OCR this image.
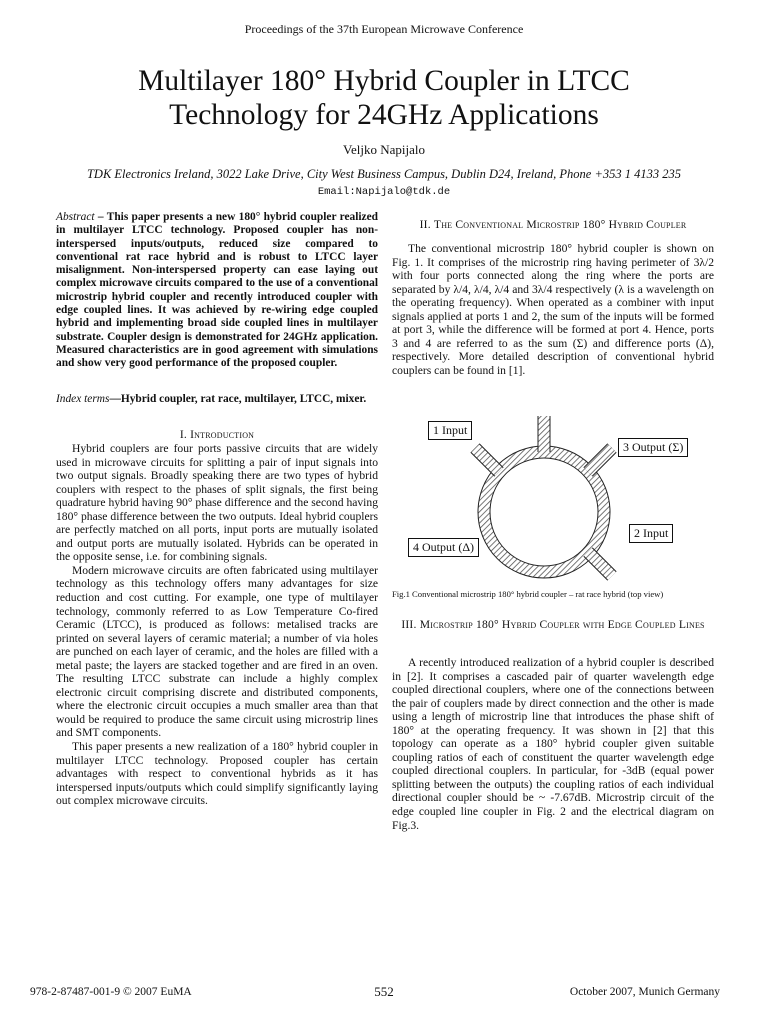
Proceedings of the 37th European Microwave Conference
Multilayer 180° Hybrid Coupler in LTCC
Technology for 24GHz Applications
Veljko Napijalo
TDK Electronics Ireland, 3022 Lake Drive, City West Business Campus, Dublin D24, Ireland, Phone +353 1 4133 235
Email:Napijalo@tdk.de
Abstract – This paper presents a new 180° hybrid coupler realized in multilayer LTCC technology. Proposed coupler has non-interspersed inputs/outputs, reduced size compared to conventional rat race hybrid and is robust to LTCC layer misalignment. Non-interspersed property can ease laying out complex microwave circuits compared to the use of a conventional microstrip hybrid coupler and recently introduced coupler with edge coupled lines. It was achieved by re-wiring edge coupled hybrid and implementing broad side coupled lines in multilayer substrate. Coupler design is demonstrated for 24GHz application. Measured characteristics are in good agreement with simulations and show very good performance of the proposed coupler.
Index terms—Hybrid coupler, rat race, multilayer, LTCC, mixer.
I. Introduction

Hybrid couplers are four ports passive circuits that are widely used in microwave circuits for splitting a pair of input signals into two output signals. Broadly speaking there are two types of hybrid couplers with respect to the phases of split signals, the first being quadrature hybrid having 90° phase difference and the second having 180° phase difference between the two outputs. Ideal hybrid couplers are perfectly matched on all ports, input ports are mutually isolated and output ports are mutually isolated. Hybrids can be operated in the opposite sense, i.e. for combining signals.

Modern microwave circuits are often fabricated using multilayer technology as this technology offers many advantages for size reduction and cost cutting. For example, one type of multilayer technology, commonly referred to as Low Temperature Co-fired Ceramic (LTCC), is produced as follows: metalised tracks are printed on several layers of ceramic material; a number of via holes are punched on each layer of ceramic, and the holes are filled with a metal paste; the layers are stacked together and are fired in an oven. The resulting LTCC substrate can include a highly complex electronic circuit comprising discrete and distributed components, where the electronic circuit occupies a much smaller area than that would be required to produce the same circuit using microstrip lines and SMT components.

This paper presents a new realization of a 180° hybrid coupler in multilayer LTCC technology. Proposed coupler has certain advantages with respect to conventional hybrids as it has interspersed inputs/outputs which could simplify significantly laying out complex microwave circuits.

II. The Conventional Microstrip 180° Hybrid Coupler

The conventional microstrip 180° hybrid coupler is shown on Fig. 1. It comprises of the microstrip ring having perimeter of 3λ/2 with four ports connected along the ring where the ports are separated by λ/4, λ/4, λ/4 and 3λ/4 respectively (λ is a wavelength on the operating frequency). When operated as a combiner with input signals applied at ports 1 and 2, the sum of the inputs will be formed at port 3, while the difference will be formed at port 4. Hence, ports 3 and 4 are referred to as the sum (Σ) and difference ports (Δ), respectively. More detailed description of conventional hybrid couplers can be found in [1].

1 Input
3 Output (Σ)
2 Input
4 Output (Δ)
Fig.1 Conventional microstrip 180° hybrid coupler – rat race hybrid (top view)
III. Microstrip 180° Hybrid Coupler with Edge Coupled Lines

A recently introduced realization of a hybrid coupler is described in [2]. It comprises a cascaded pair of quarter wavelength edge coupled directional couplers, where one of the connections between the pair of couplers made by direct connection and the other is made using a length of microstrip line that introduces the phase shift of 180° at the operating frequency. It was shown in [2] that this topology can operate as a 180° hybrid coupler given suitable coupling ratios of each of constituent the quarter wavelength edge coupled directional couplers. In particular, for -3dB (equal power splitting between the outputs) the coupling ratios of each individual directional coupler should be ~ -7.67dB. Microstrip circuit of the edge coupled line coupler in Fig. 2 and the electrical diagram on Fig.3.

978-2-87487-001-9 © 2007 EuMA	552	October 2007, Munich Germany
